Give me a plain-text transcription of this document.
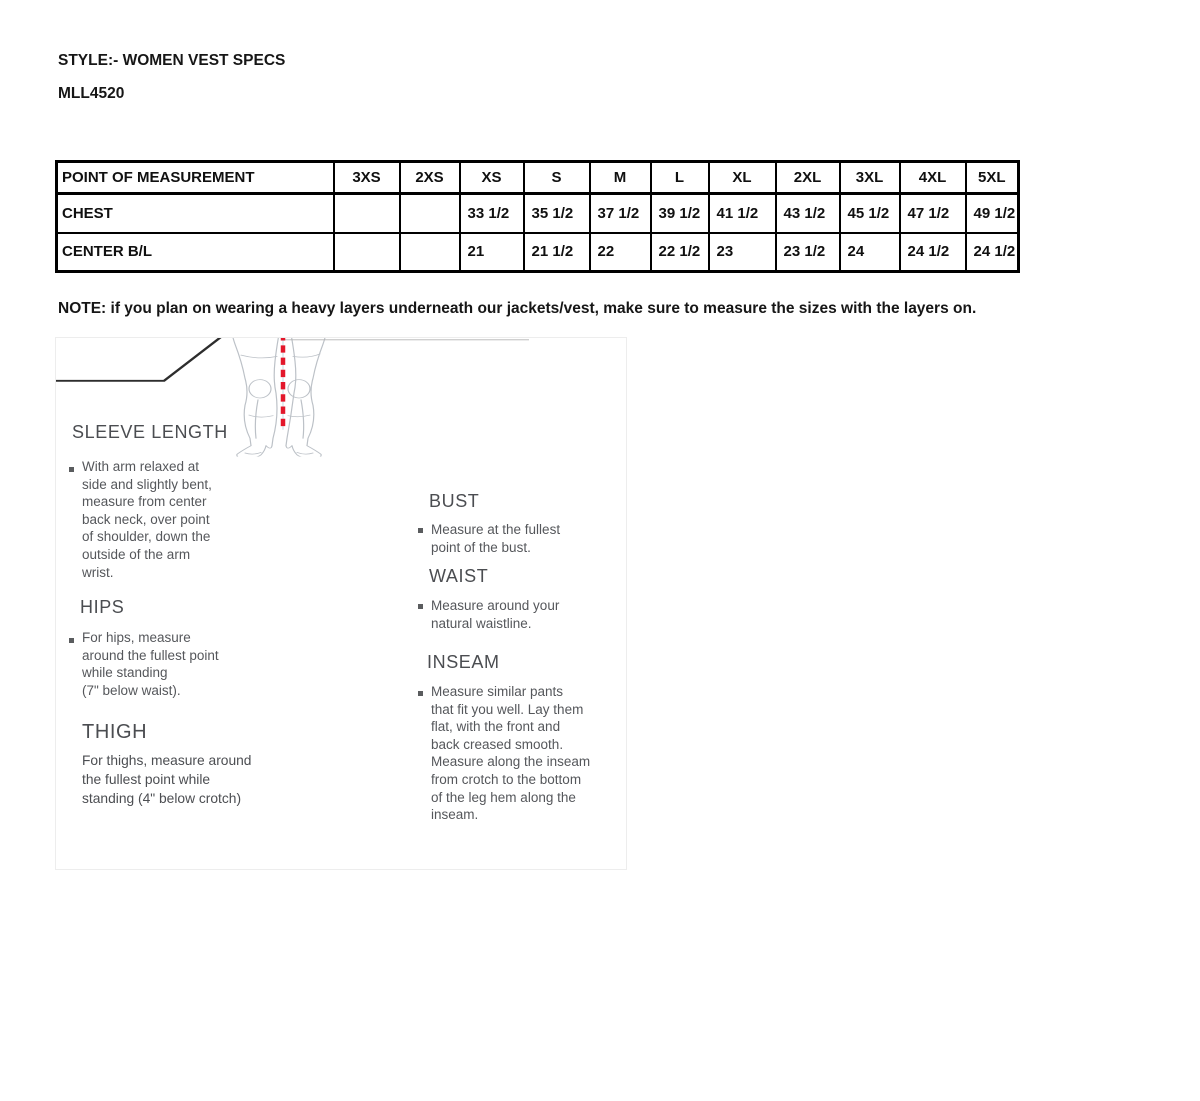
STYLE:- WOMEN VEST SPECS
MLL4520
POINT OF MEASUREMENT	3XS	2XS	XS	S	M	L	XL	2XL	3XL	4XL	5XL
CHEST			33 1/2	35 1/2	37 1/2	39 1/2	41 1/2	43 1/2	45 1/2	47 1/2	49 1/2
CENTER B/L			21	21 1/2	22	22 1/2	23	23 1/2	24	24 1/2	24 1/2
NOTE: if you plan on wearing a heavy layers underneath our jackets/vest, make sure to measure the sizes with the layers on.
SLEEVE LENGTH
With arm relaxed at
side and slightly bent,
measure from center
back neck, over point
of shoulder, down the
outside of the arm
wrist.
HIPS
For hips, measure
around the fullest point
while standing
(7" below waist).
THIGH
For thighs, measure around
the fullest point while
standing (4" below crotch)
BUST
Measure at the fullest
point of the bust.
WAIST
Measure around your
natural waistline.
INSEAM
Measure similar pants
that fit you well. Lay them
flat, with the front and
back creased smooth.
Measure along the inseam
from crotch to the bottom
of the leg hem along the
inseam.
